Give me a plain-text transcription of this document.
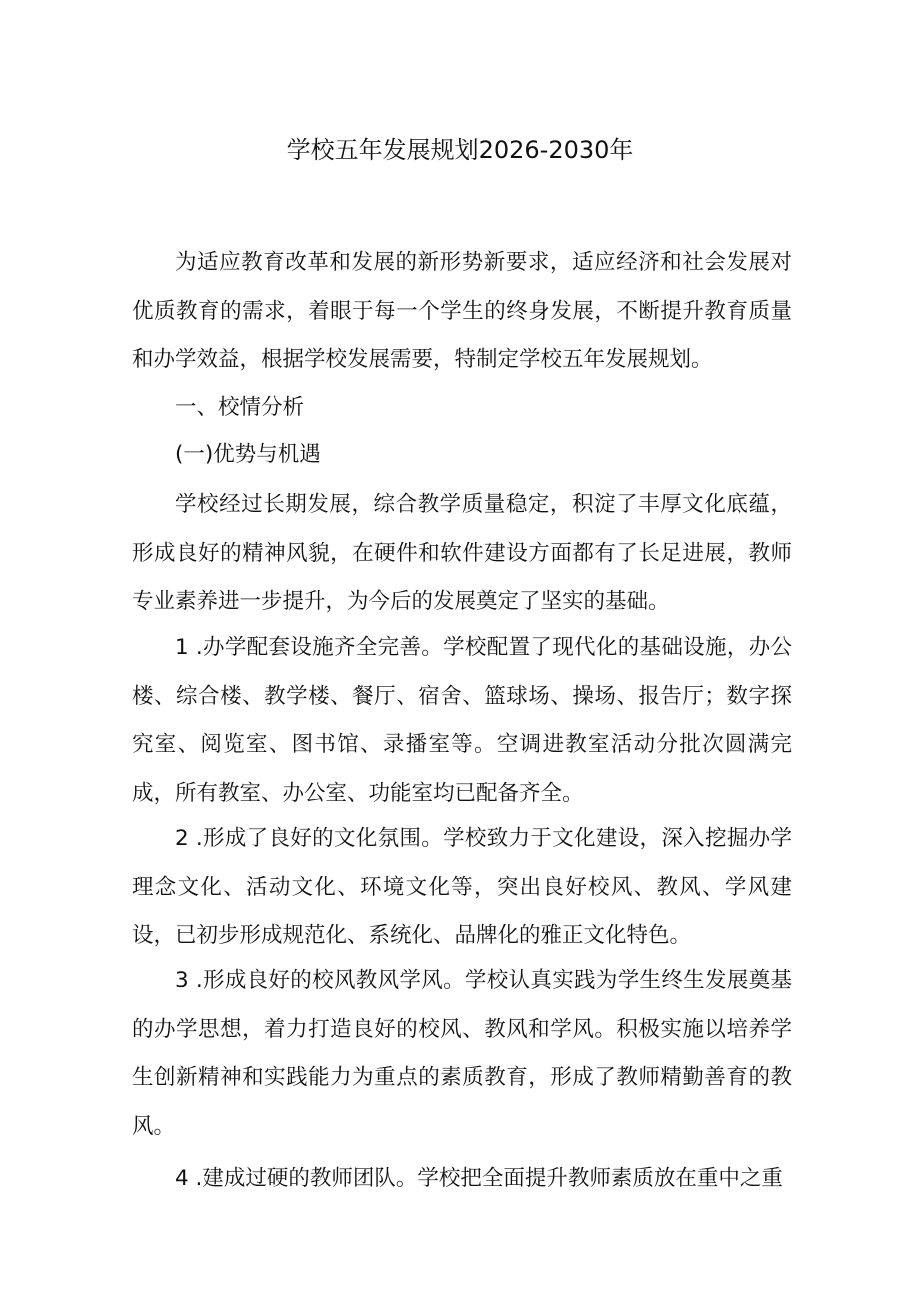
学校五年发展规划2026-2030年

为适应教育改革和发展的新形势新要求，适应经济和社会发展对优质教育的需求，着眼于每一个学生的终身发展，不断提升教育质量和办学效益，根据学校发展需要，特制定学校五年发展规划。

一、校情分析

(一)优势与机遇

学校经过长期发展，综合教学质量稳定，积淀了丰厚文化底蕴，形成良好的精神风貌，在硬件和软件建设方面都有了长足进展，教师专业素养进一步提升，为今后的发展奠定了坚实的基础。

1 .办学配套设施齐全完善。学校配置了现代化的基础设施，办公楼、综合楼、教学楼、餐厅、宿舍、篮球场、操场、报告厅；数字探究室、阅览室、图书馆、录播室等。空调进教室活动分批次圆满完成，所有教室、办公室、功能室均已配备齐全。

2 .形成了良好的文化氛围。学校致力于文化建设，深入挖掘办学理念文化、活动文化、环境文化等，突出良好校风、教风、学风建设，已初步形成规范化、系统化、品牌化的雅正文化特色。

3 .形成良好的校风教风学风。学校认真实践为学生终生发展奠基的办学思想，着力打造良好的校风、教风和学风。积极实施以培养学生创新精神和实践能力为重点的素质教育，形成了教师精勤善育的教风。

4 .建成过硬的教师团队。学校把全面提升教师素质放在重中之重
